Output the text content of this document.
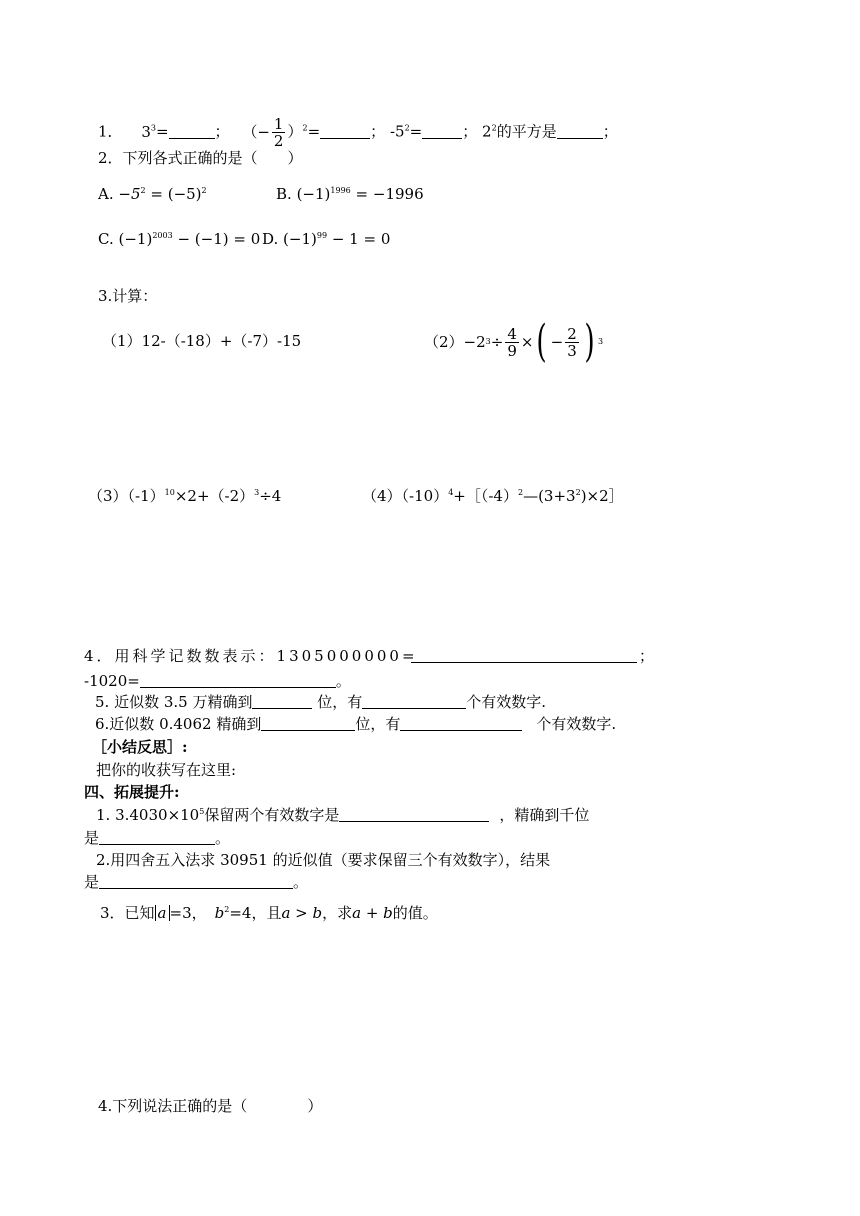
1． $3^3=$	； （− $\frac{1}{2} )^2=$	； $-5^2=$	； $2^2$的平方是	；
2．下列各式正确的是（　　）
A. $-5^2 = (-5)^2$	B. $(-1)^{1996} = -1996$
C. $(-1)^{2003} - (-1) = 0$ D. $(-1)^{99} - 1 = 0$
3.计算：
（1）12-（-18）+（-7）-15	（2） −2 $3 \div \frac{4}{9}$ × ( − $\frac{2}{3}$ ) 3
$(3)(-1)^{10}\times 2+(-2)^3\div 4$	$(4)(-10)^4+[(-4)^2—(3+3^2)\times 2]$
4．用科学记数数表示：1305000000=	；
-1020=	。
5. 近似数 3.5 万精确到	位，有	个有效数字.
6.近似数 0.4062 精确到	位，有	个有效数字.
［小结反思］:
把你的收获写在这里:
四、拓展提升:
1. $3.4030\times 10^5$保留两个有效数字是	，精确到千位
是	。
2.用四舍五入法求 30951 的近似值（要求保留三个有效数字），结果
是	。
3．已知 a =3， $b^2=4$，且a > b，求a + b的值。
4.下列说法正确的是（　　　　）
